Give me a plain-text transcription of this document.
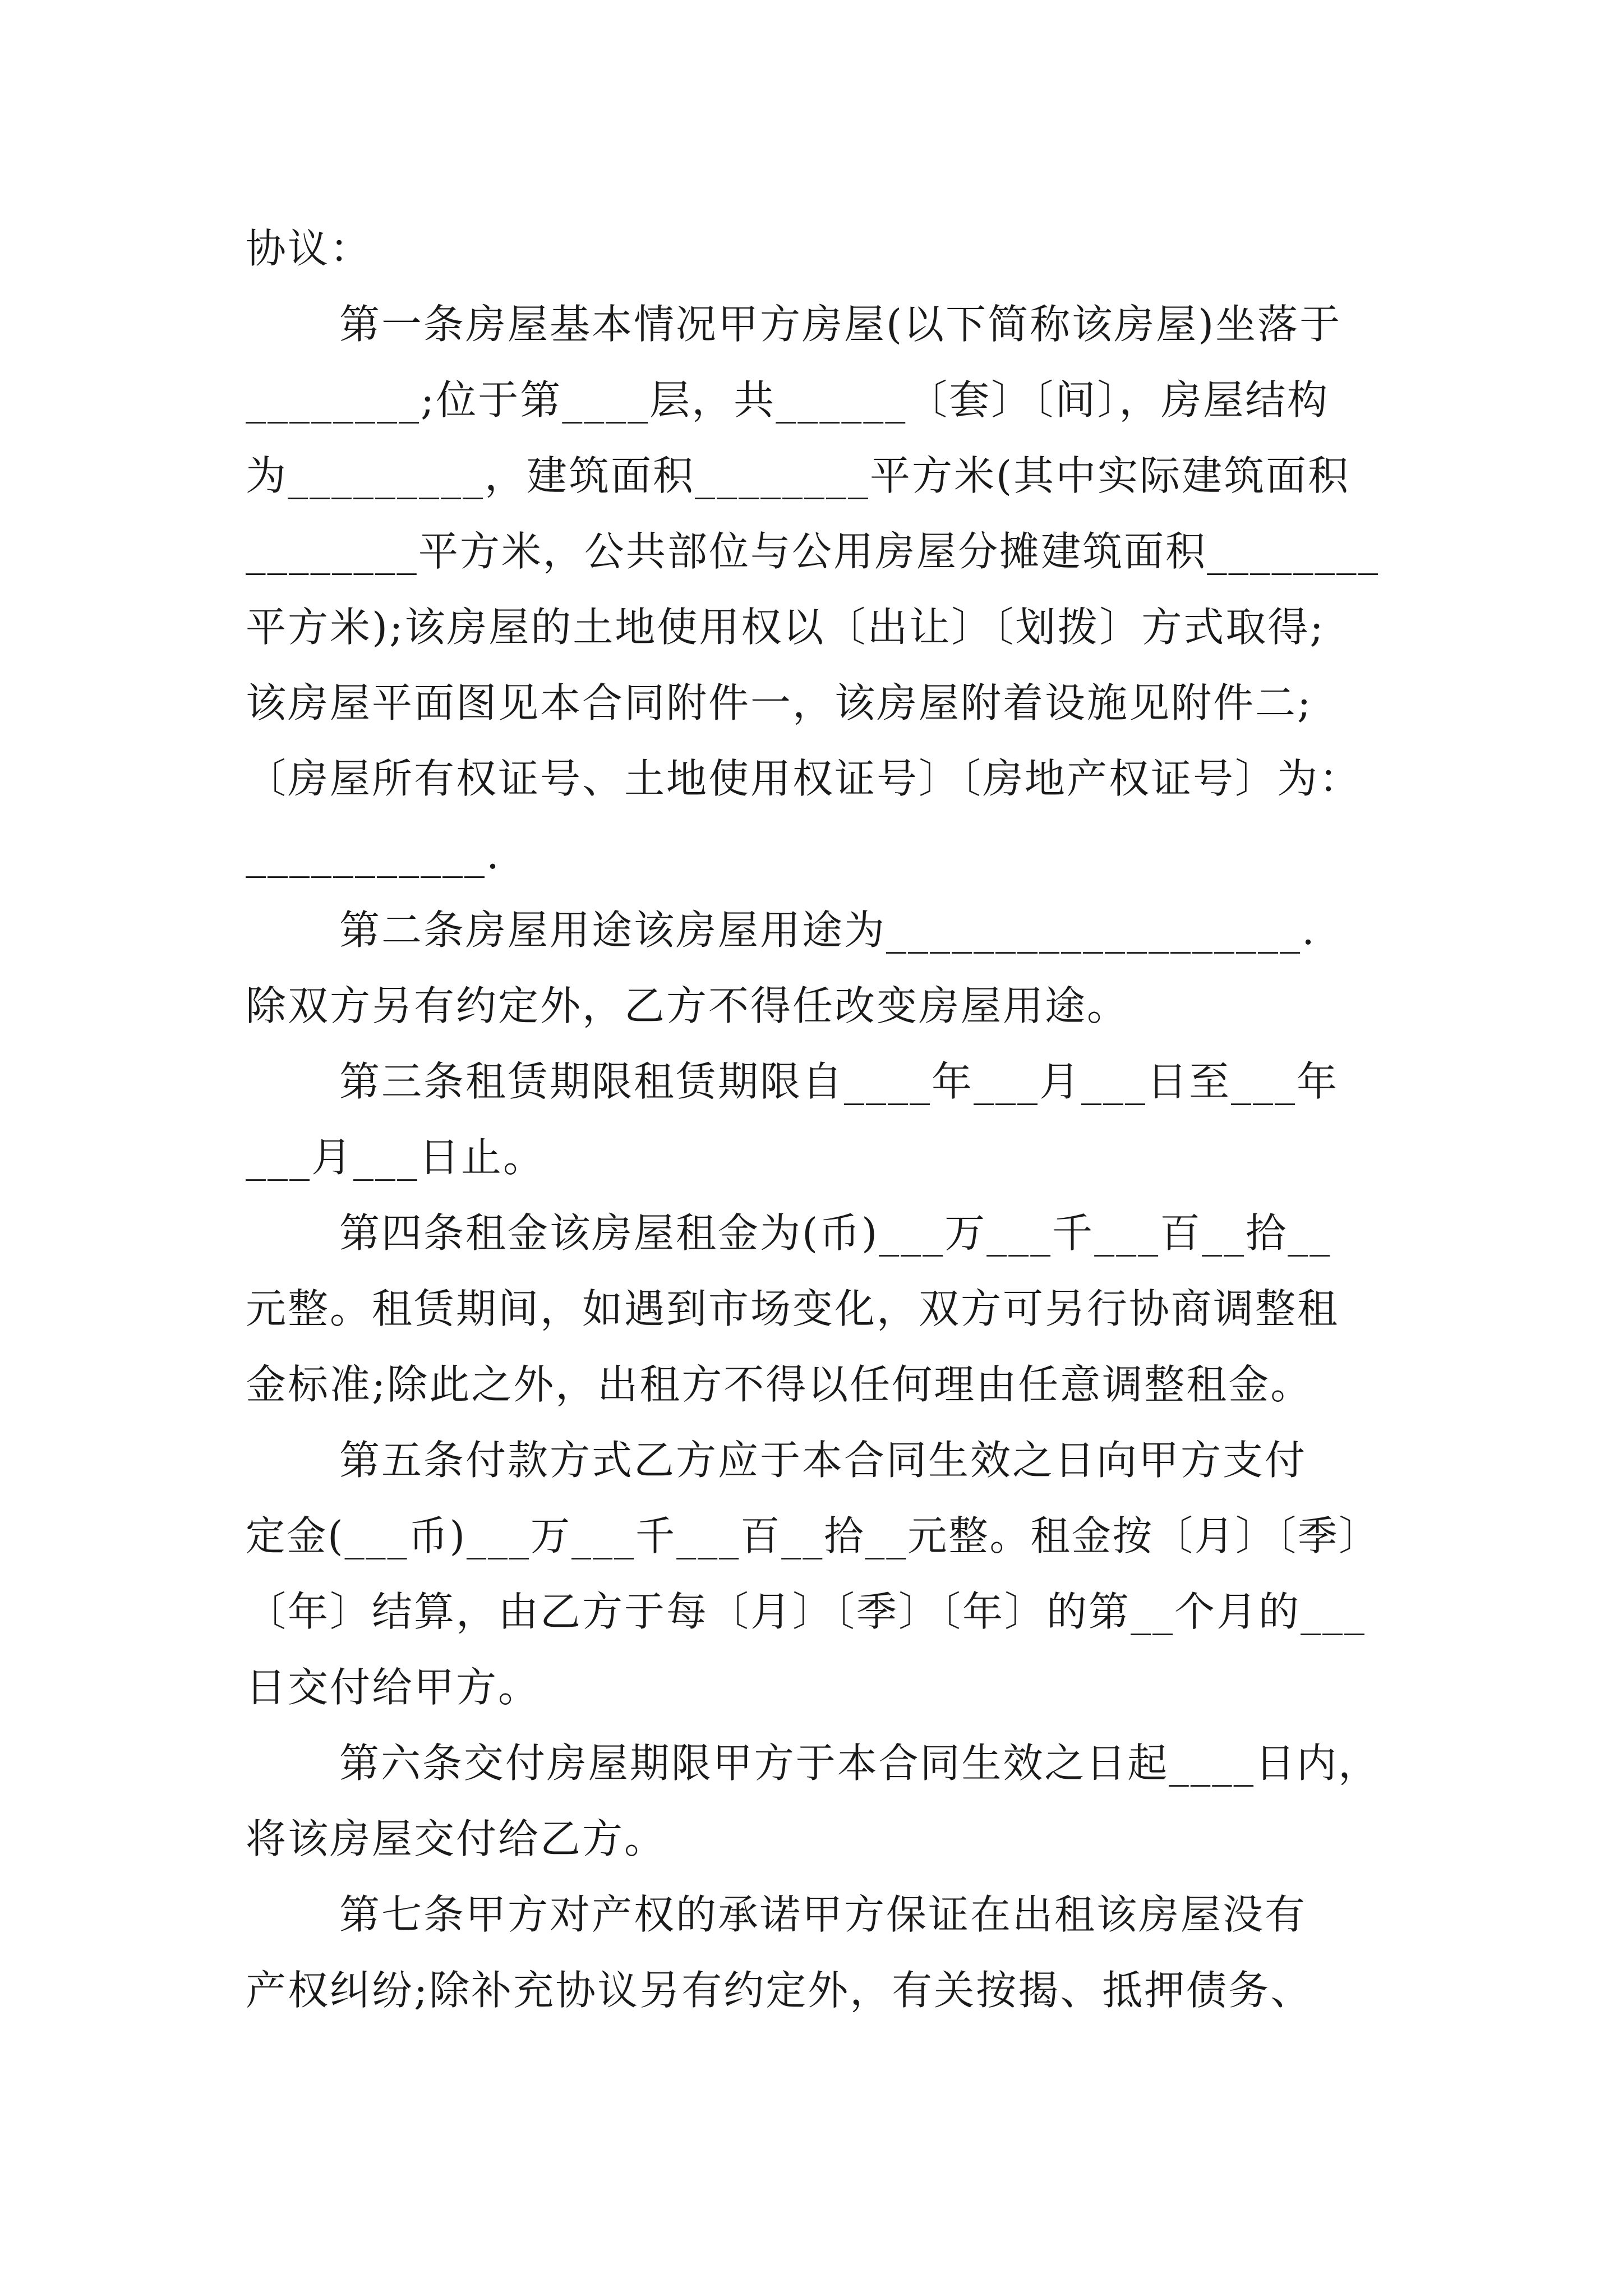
协议：
第一条房屋基本情况甲方房屋(以下简称该房屋)坐落于
________;位于第____层，共______〔套〕〔间〕，房屋结构
为_________，建筑面积________平方米(其中实际建筑面积
________平方米，公共部位与公用房屋分摊建筑面积________
平方米);该房屋的土地使用权以〔出让〕〔划拨〕方式取得;
该房屋平面图见本合同附件一，该房屋附着设施见附件二;
〔房屋所有权证号、土地使用权证号〕〔房地产权证号〕为：
___________.
第二条房屋用途该房屋用途为___________________.
除双方另有约定外，乙方不得任改变房屋用途。
第三条租赁期限租赁期限自____年___月___日至___年
___月___日止。
第四条租金该房屋租金为(币)___万___千___百__拾__
元整。租赁期间，如遇到市场变化，双方可另行协商调整租
金标准;除此之外，出租方不得以任何理由任意调整租金。
第五条付款方式乙方应于本合同生效之日向甲方支付
定金(___币)___万___千___百__拾__元整。租金按〔月〕〔季〕
〔年〕结算，由乙方于每〔月〕〔季〕〔年〕的第__个月的___
日交付给甲方。
第六条交付房屋期限甲方于本合同生效之日起____日内，
将该房屋交付给乙方。
第七条甲方对产权的承诺甲方保证在出租该房屋没有
产权纠纷;除补充协议另有约定外，有关按揭、抵押债务、
